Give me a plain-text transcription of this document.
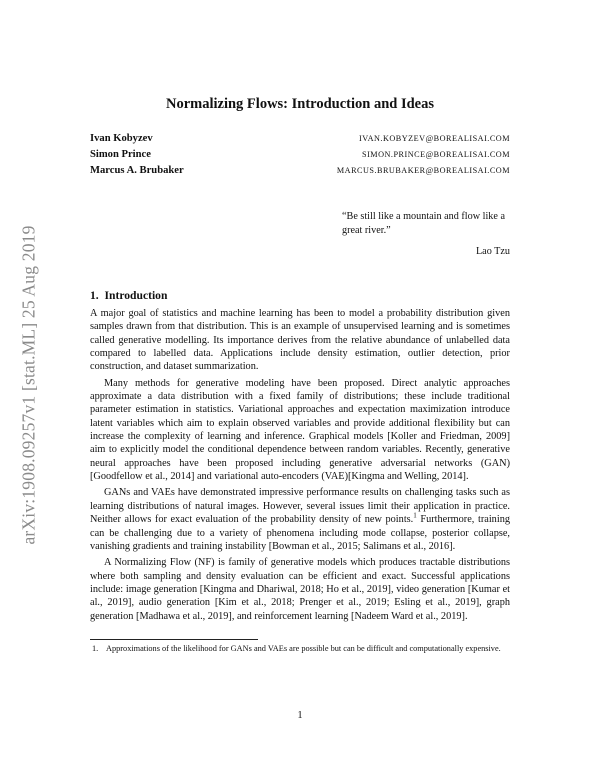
arXiv:1908.09257v1 [stat.ML] 25 Aug 2019
Normalizing Flows: Introduction and Ideas
Ivan Kobyzev	IVAN.KOBYZEV@BOREALISAI.COM
Simon Prince	SIMON.PRINCE@BOREALISAI.COM
Marcus A. Brubaker	MARCUS.BRUBAKER@BOREALISAI.COM
“Be still like a mountain and flow like a great river.”
Lao Tzu
1. Introduction

A major goal of statistics and machine learning has been to model a probability distribution given samples drawn from that distribution. This is an example of unsupervised learning and is sometimes called generative modelling. Its importance derives from the relative abundance of unlabelled data compared to labelled data. Applications include density estimation, outlier detection, prior construction, and dataset summarization.

Many methods for generative modeling have been proposed. Direct analytic approaches approximate a data distribution with a fixed family of distributions; these include traditional parameter estimation in statistics. Variational approaches and expectation maximization introduce latent variables which aim to explain observed variables and provide additional flexibility but can increase the complexity of learning and inference. Graphical models [Koller and Friedman, 2009] aim to explicitly model the conditional dependence between random variables. Recently, generative neural approaches have been proposed including generative adversarial networks (GAN) [Goodfellow et al., 2014] and variational auto-encoders (VAE)[Kingma and Welling, 2014].

GANs and VAEs have demonstrated impressive performance results on challenging tasks such as learning distributions of natural images. However, several issues limit their application in practice. Neither allows for exact evaluation of the probability density of new points.$^1$ Furthermore, training can be challenging due to a variety of phenomena including mode collapse, posterior collapse, vanishing gradients and training instability [Bowman et al., 2015; Salimans et al., 2016].

A Normalizing Flow (NF) is family of generative models which produces tractable distributions where both sampling and density evaluation can be efficient and exact. Successful applications include: image generation [Kingma and Dhariwal, 2018; Ho et al., 2019], video generation [Kumar et al., 2019], audio generation [Kim et al., 2018; Prenger et al., 2019; Esling et al., 2019], graph generation [Madhawa et al., 2019], and reinforcement learning [Nadeem Ward et al., 2019].

1. Approximations of the likelihood for GANs and VAEs are possible but can be difficult and computationally expensive.
1
